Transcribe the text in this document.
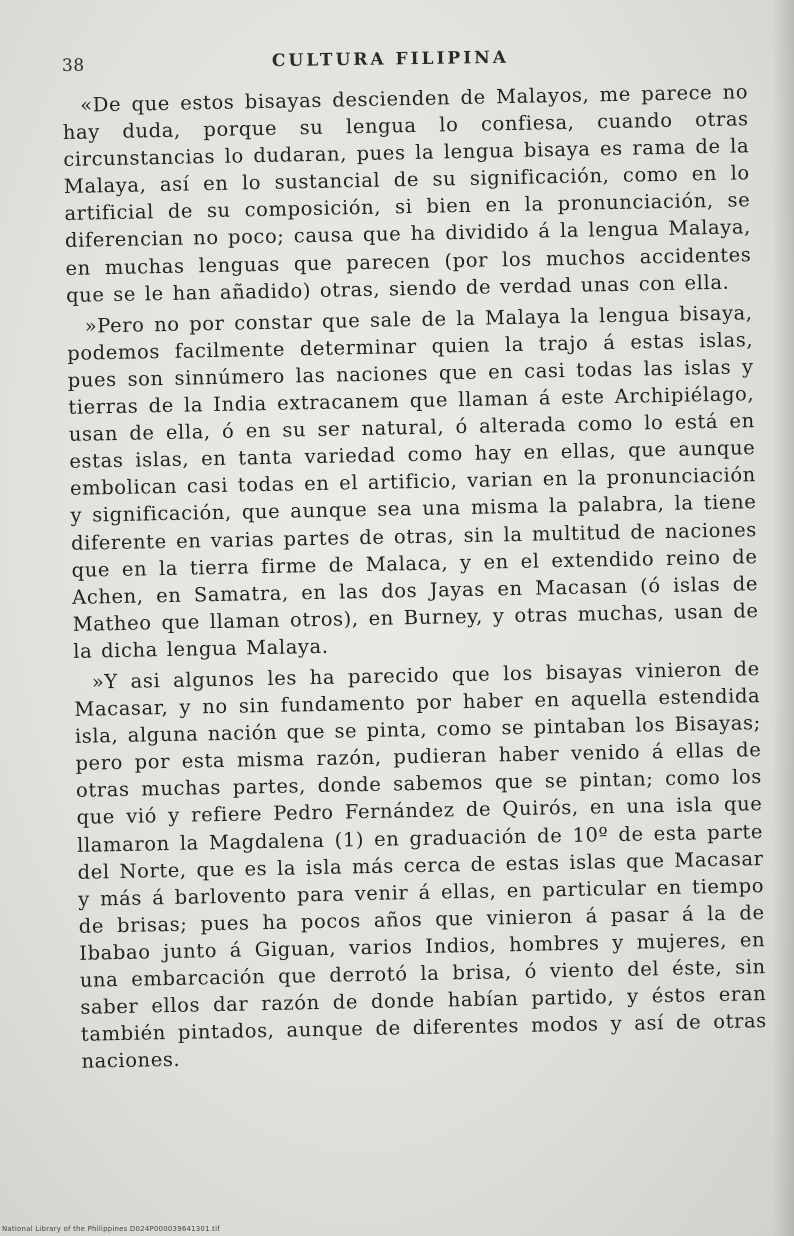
38	CULTURA FILIPINA

«De que estos bisayas descienden de Malayos, me parece no hay duda, porque su lengua lo confiesa, cuando otras circunstancias lo dudaran, pues la lengua bisaya es rama de la Malaya, así en lo sustancial de su significación, como en lo artificial de su composición, si bien en la pronunciación, se diferencian no poco; causa que ha dividido á la lengua Malaya, en muchas lenguas que parecen (por los muchos accidentes que se le han añadido) otras, siendo de verdad unas con ella.

»Pero no por constar que sale de la Malaya la lengua bisaya, podemos facilmente determinar quien la trajo á estas islas, pues son sinnúmero las naciones que en casi todas las islas y tierras de la India extracanem que llaman á este Archipiélago, usan de ella, ó en su ser natural, ó alterada como lo está en estas islas, en tanta variedad como hay en ellas, que aunque embolican casi todas en el artificio, varian en la pronunciación y significación, que aunque sea una misma la palabra, la tiene diferente en varias partes de otras, sin la multitud de naciones que en la tierra firme de Malaca, y en el extendido reino de Achen, en Samatra, en las dos Jayas en Macasan (ó islas de Matheo que llaman otros), en Burney, y otras muchas, usan de la dicha lengua Malaya.

»Y asi algunos les ha parecido que los bisayas vinieron de Macasar, y no sin fundamento por haber en aquella estendida isla, alguna nación que se pinta, como se pintaban los Bisayas; pero por esta misma razón, pudieran haber venido á ellas de otras muchas partes, donde sabemos que se pintan; como los que vió y refiere Pedro Fernández de Quirós, en una isla que llamaron la Magdalena (1) en graduación de 10º de esta parte del Norte, que es la isla más cerca de estas islas que Macasar y más á barlovento para venir á ellas, en particular en tiempo de brisas; pues ha pocos años que vinieron á pasar á la de Ibabao junto á Giguan, varios Indios, hombres y mujeres, en una embarcación que derrotó la brisa, ó viento del éste, sin saber ellos dar razón de donde habían partido, y éstos eran también pintados, aunque de diferentes modos y así de otras naciones.

National Library of the Philippines D024P000039641301.tif
